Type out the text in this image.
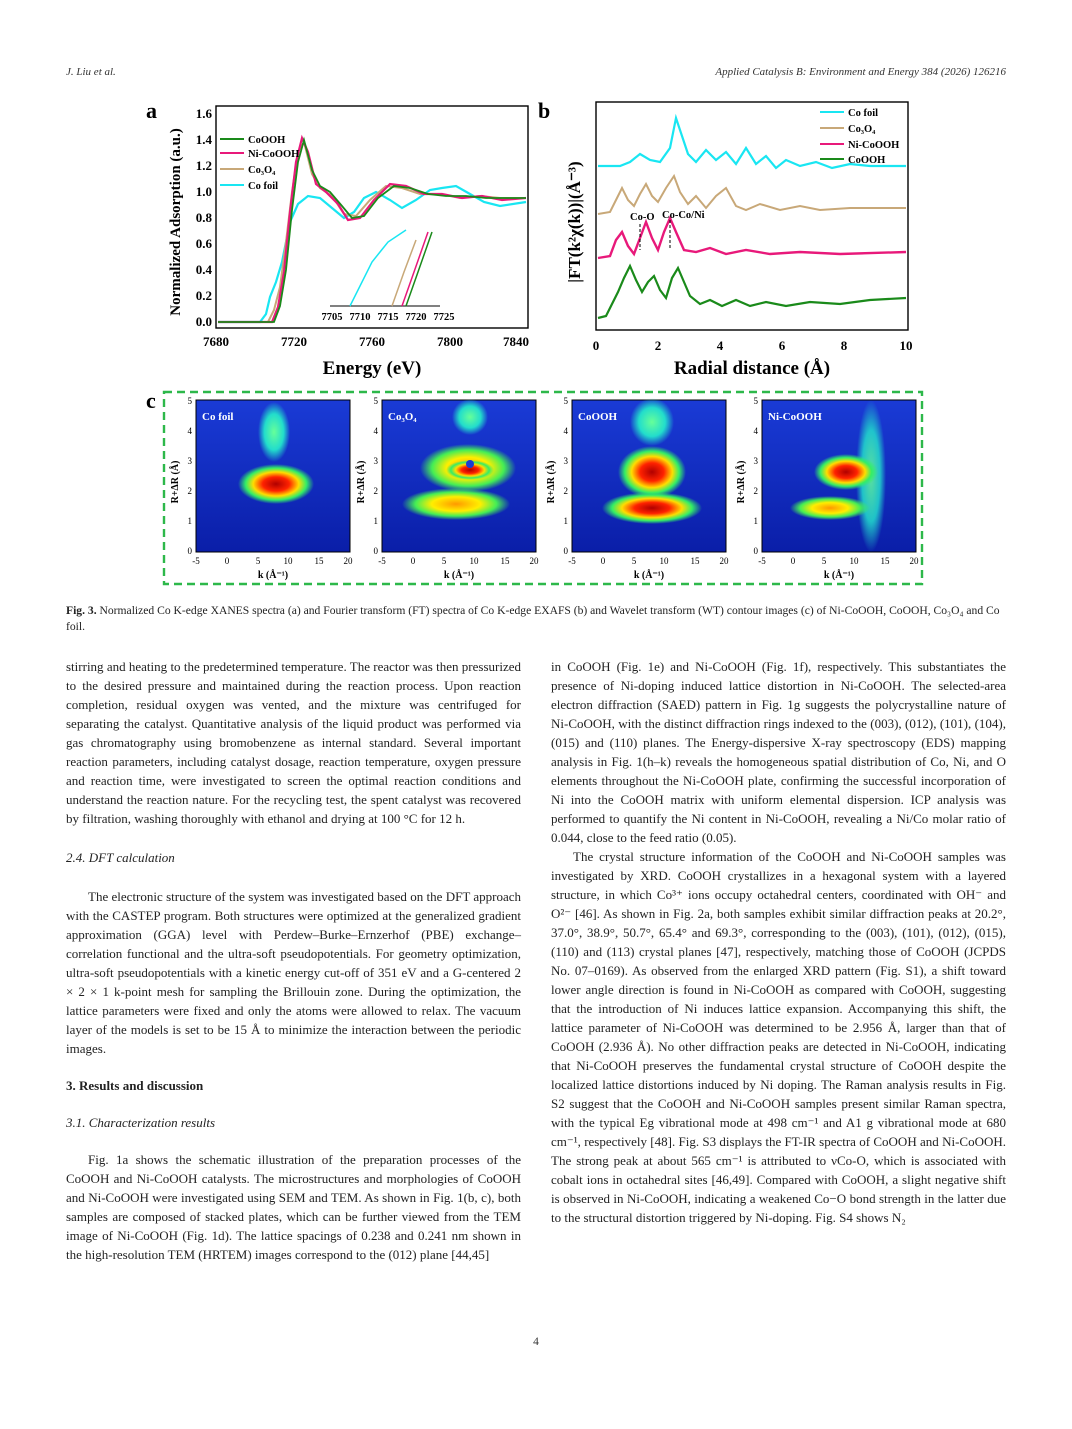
J. Liu et al.	Applied Catalysis B: Environment and Energy 384 (2026) 126216
a
Normalized Adsorption (a.u.)
Energy (eV)
0.0
0.2
0.4
0.6
0.8
1.0
1.2
1.4
1.6
7680	7720	7760	7800	7840
CoOOH
Ni-CoOOH
Co₃O₄
Co foil
7705 7710 7715 7720 7725
b
|FT(k²χ(k))|(Å⁻³)
Radial distance (Å)
0	2	4	6	8	10
Co-O Co-Co/Ni
Co foil
Co₃O₄
Ni-CoOOH
CoOOH
c
Co foil	Co₃O₄	CoOOH	Ni-CoOOH
R+ΔR (Å)	R+ΔR (Å)	R+ΔR (Å)	R+ΔR (Å)
k (Å⁻¹)	k (Å⁻¹)	k (Å⁻¹)	k (Å⁻¹)
-5	0	5	10 15 20	-5	0	5	10 15 20	-5	0	5	10 15 20	-5	0	5	10 15 20
0
1
2
3
4
5
0
1
2
3
4
5
0
1
2
3
4
5
0
1
2
3
4
5
Fig. 3. Normalized Co K-edge XANES spectra (a) and Fourier transform (FT) spectra of Co K-edge EXAFS (b) and Wavelet transform (WT) contour images (c) of Ni-CoOOH, CoOOH, Co₃O₄ and Co foil.

stirring and heating to the predetermined temperature. The reactor was then pressurized to the desired pressure and maintained during the reaction process. Upon reaction completion, residual oxygen was vented, and the mixture was centrifuged for separating the catalyst. Quantitative analysis of the liquid product was performed via gas chromatography using bromobenzene as internal standard. Several important reaction parameters, including catalyst dosage, reaction temperature, oxygen pressure and reaction time, were investigated to screen the optimal reaction conditions and understand the reaction nature. For the recycling test, the spent catalyst was recovered by filtration, washing thoroughly with ethanol and drying at 100 °C for 12 h.

2.4. DFT calculation

The electronic structure of the system was investigated based on the DFT approach with the CASTEP program. Both structures were optimized at the generalized gradient approximation (GGA) level with Perdew–Burke–Ernzerhof (PBE) exchange–correlation functional and the ultra-soft pseudopotentials. For geometry optimization, ultra-soft pseudopotentials with a kinetic energy cut-off of 351 eV and a G-centered 2 × 2 × 1 k-point mesh for sampling the Brillouin zone. During the optimization, the lattice parameters were fixed and only the atoms were allowed to relax. The vacuum layer of the models is set to be 15 Å to minimize the interaction between the periodic images.

3. Results and discussion

3.1. Characterization results

Fig. 1a shows the schematic illustration of the preparation processes of the CoOOH and Ni-CoOOH catalysts. The microstructures and morphologies of CoOOH and Ni-CoOOH were investigated using SEM and TEM. As shown in Fig. 1(b, c), both samples are composed of stacked plates, which can be further viewed from the TEM image of Ni-CoOOH (Fig. 1d). The lattice spacings of 0.238 and 0.241 nm shown in the high-resolution TEM (HRTEM) images correspond to the (012) plane [44,45]

in CoOOH (Fig. 1e) and Ni-CoOOH (Fig. 1f), respectively. This substantiates the presence of Ni-doping induced lattice distortion in Ni-CoOOH. The selected-area electron diffraction (SAED) pattern in Fig. 1g suggests the polycrystalline nature of Ni-CoOOH, with the distinct diffraction rings indexed to the (003), (012), (101), (104), (015) and (110) planes. The Energy-dispersive X-ray spectroscopy (EDS) mapping analysis in Fig. 1(h–k) reveals the homogeneous spatial distribution of Co, Ni, and O elements throughout the Ni-CoOOH plate, confirming the successful incorporation of Ni into the CoOOH matrix with uniform elemental dispersion. ICP analysis was performed to quantify the Ni content in Ni-CoOOH, revealing a Ni/Co molar ratio of 0.044, close to the feed ratio (0.05).

The crystal structure information of the CoOOH and Ni-CoOOH samples was investigated by XRD. CoOOH crystallizes in a hexagonal system with a layered structure, in which Co³⁺ ions occupy octahedral centers, coordinated with OH⁻ and O²⁻ [46]. As shown in Fig. 2a, both samples exhibit similar diffraction peaks at 20.2°, 37.0°, 38.9°, 50.7°, 65.4° and 69.3°, corresponding to the (003), (101), (012), (015), (110) and (113) crystal planes [47], respectively, matching those of CoOOH (JCPDS No. 07–0169). As observed from the enlarged XRD pattern (Fig. S1), a shift toward lower angle direction is found in Ni-CoOOH as compared with CoOOH, suggesting that the introduction of Ni induces lattice expansion. Accompanying this shift, the lattice parameter of Ni-CoOOH was determined to be 2.956 Å, larger than that of CoOOH (2.936 Å). No other diffraction peaks are detected in Ni-CoOOH, indicating that Ni-CoOOH preserves the fundamental crystal structure of CoOOH despite the localized lattice distortions induced by Ni doping. The Raman analysis results in Fig. S2 suggest that the CoOOH and Ni-CoOOH samples present similar Raman spectra, with the typical Eg vibrational mode at 498 cm⁻¹ and A1 g vibrational mode at 680 cm⁻¹, respectively [48]. Fig. S3 displays the FT-IR spectra of CoOOH and Ni-CoOOH. The strong peak at about 565 cm⁻¹ is attributed to νCo-O, which is associated with cobalt ions in octahedral sites [46,49]. Compared with CoOOH, a slight negative shift is observed in Ni-CoOOH, indicating a weakened Co−O bond strength in the latter due to the structural distortion triggered by Ni-doping. Fig. S4 shows N₂

4
